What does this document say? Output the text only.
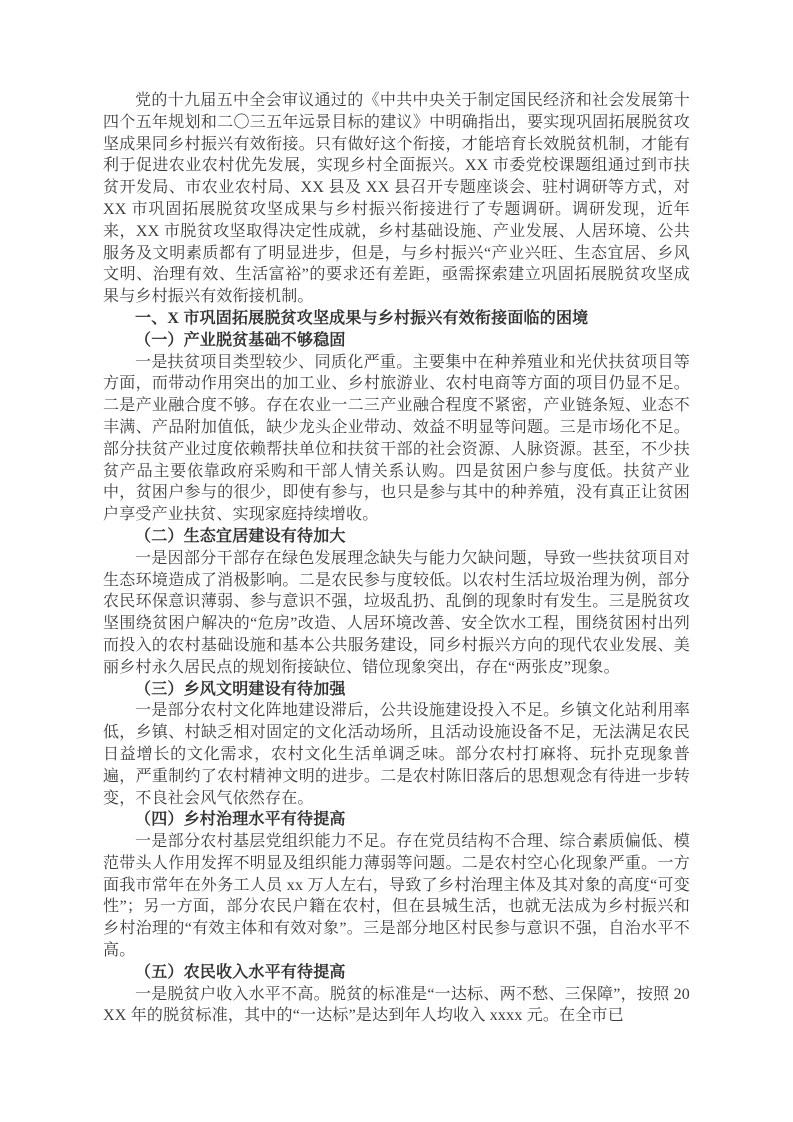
党的十九届五中全会审议通过的《中共中央关于制定国民经济和社会发展第十四个五年规划和二〇三五年远景目标的建议》中明确指出，要实现巩固拓展脱贫攻坚成果同乡村振兴有效衔接。只有做好这个衔接，才能培育长效脱贫机制，才能有利于促进农业农村优先发展，实现乡村全面振兴。XX 市委党校课题组通过到市扶贫开发局、市农业农村局、XX 县及 XX 县召开专题座谈会、驻村调研等方式，对 XX 市巩固拓展脱贫攻坚成果与乡村振兴衔接进行了专题调研。调研发现，近年来，XX 市脱贫攻坚取得决定性成就，乡村基础设施、产业发展、人居环境、公共服务及文明素质都有了明显进步，但是，与乡村振兴“产业兴旺、生态宜居、乡风文明、治理有效、生活富裕”的要求还有差距，亟需探索建立巩固拓展脱贫攻坚成果与乡村振兴有效衔接机制。

一、X 市巩固拓展脱贫攻坚成果与乡村振兴有效衔接面临的困境

（一）产业脱贫基础不够稳固

一是扶贫项目类型较少、同质化严重。主要集中在种养殖业和光伏扶贫项目等方面，而带动作用突出的加工业、乡村旅游业、农村电商等方面的项目仍显不足。二是产业融合度不够。存在农业一二三产业融合程度不紧密，产业链条短、业态不丰满、产品附加值低，缺少龙头企业带动、效益不明显等问题。三是市场化不足。部分扶贫产业过度依赖帮扶单位和扶贫干部的社会资源、人脉资源。甚至，不少扶贫产品主要依靠政府采购和干部人情关系认购。四是贫困户参与度低。扶贫产业中，贫困户参与的很少，即使有参与，也只是参与其中的种养殖，没有真正让贫困户享受产业扶贫、实现家庭持续增收。

（二）生态宜居建设有待加大

一是因部分干部存在绿色发展理念缺失与能力欠缺问题，导致一些扶贫项目对生态环境造成了消极影响。二是农民参与度较低。以农村生活垃圾治理为例，部分农民环保意识薄弱、参与意识不强，垃圾乱扔、乱倒的现象时有发生。三是脱贫攻坚围绕贫困户解决的“危房”改造、人居环境改善、安全饮水工程，围绕贫困村出列而投入的农村基础设施和基本公共服务建设，同乡村振兴方向的现代农业发展、美丽乡村永久居民点的规划衔接缺位、错位现象突出，存在“两张皮”现象。

（三）乡风文明建设有待加强

一是部分农村文化阵地建设滞后，公共设施建设投入不足。乡镇文化站利用率低，乡镇、村缺乏相对固定的文化活动场所，且活动设施设备不足，无法满足农民日益增长的文化需求，农村文化生活单调乏味。部分农村打麻将、玩扑克现象普遍，严重制约了农村精神文明的进步。二是农村陈旧落后的思想观念有待进一步转变，不良社会风气依然存在。

（四）乡村治理水平有待提高

一是部分农村基层党组织能力不足。存在党员结构不合理、综合素质偏低、模范带头人作用发挥不明显及组织能力薄弱等问题。二是农村空心化现象严重。一方面我市常年在外务工人员 xx 万人左右，导致了乡村治理主体及其对象的高度“可变性”；另一方面，部分农民户籍在农村，但在县城生活，也就无法成为乡村振兴和乡村治理的“有效主体和有效对象”。三是部分地区村民参与意识不强，自治水平不高。

（五）农民收入水平有待提高

一是脱贫户收入水平不高。脱贫的标准是“一达标、两不愁、三保障”，按照 20XX 年的脱贫标准，其中的“一达标”是达到年人均收入 xxxx 元。在全市已
